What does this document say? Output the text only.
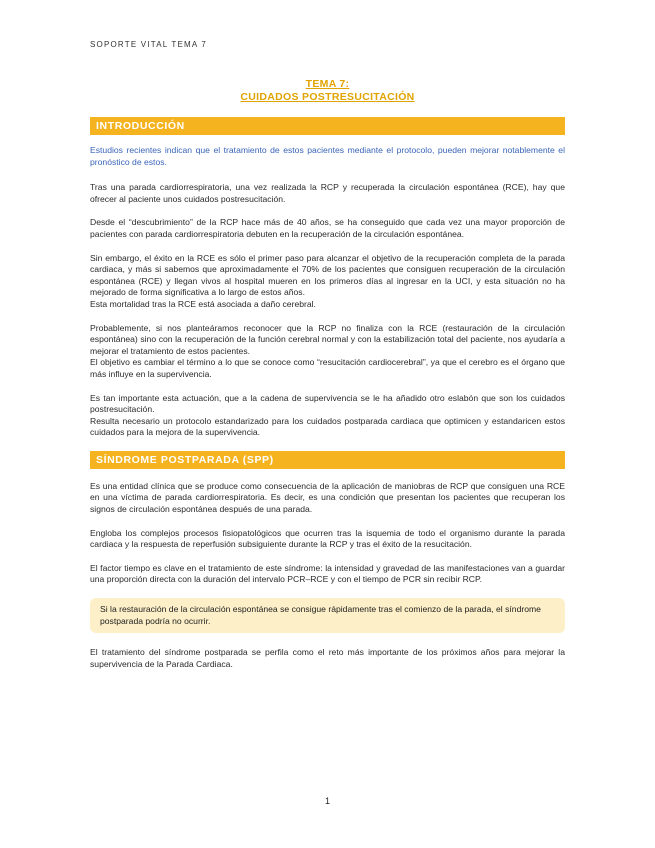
SOPORTE VITAL TEMA 7
TEMA 7:
CUIDADOS POSTRESUCITACIÓN
INTRODUCCIÓN

Estudios recientes indican que el tratamiento de estos pacientes mediante el protocolo, pueden mejorar notablemente el pronóstico de estos.

Tras una parada cardiorrespiratoria, una vez realizada la RCP y recuperada la circulación espontánea (RCE), hay que ofrecer al paciente unos cuidados postresucitación.

Desde el “descubrimiento” de la RCP hace más de 40 años, se ha conseguido que cada vez una mayor proporción de pacientes con parada cardiorrespiratoria debuten en la recuperación de la circulación espontánea.

Sin embargo, el éxito en la RCE es sólo el primer paso para alcanzar el objetivo de la recuperación completa de la parada cardiaca, y más si sabemos que aproximadamente el 70% de los pacientes que consiguen recuperación de la circulación espontánea (RCE) y llegan vivos al hospital mueren en los primeros días al ingresar en la UCI, y esta situación no ha mejorado de forma significativa a lo largo de estos años.

Esta mortalidad tras la RCE está asociada a daño cerebral.

Probablemente, si nos planteáramos reconocer que la RCP no finaliza con la RCE (restauración de la circulación espontánea) sino con la recuperación de la función cerebral normal y con la estabilización total del paciente, nos ayudaría a mejorar el tratamiento de estos pacientes.

El objetivo es cambiar el término a lo que se conoce como “resucitación cardiocerebral”, ya que el cerebro es el órgano que más influye en la supervivencia.

Es tan importante esta actuación, que a la cadena de supervivencia se le ha añadido otro eslabón que son los cuidados postresucitación.

Resulta necesario un protocolo estandarizado para los cuidados postparada cardiaca que optimicen y estandaricen estos cuidados para la mejora de la supervivencia.

SÍNDROME POSTPARADA (SPP)

Es una entidad clínica que se produce como consecuencia de la aplicación de maniobras de RCP que consiguen una RCE en una víctima de parada cardiorrespiratoria. Es decir, es una condición que presentan los pacientes que recuperan los signos de circulación espontánea después de una parada.

Engloba los complejos procesos fisiopatológicos que ocurren tras la isquemia de todo el organismo durante la parada cardiaca y la respuesta de reperfusión subsiguiente durante la RCP y tras el éxito de la resucitación.

El factor tiempo es clave en el tratamiento de este síndrome: la intensidad y gravedad de las manifestaciones van a guardar una proporción directa con la duración del intervalo PCR–RCE y con el tiempo de PCR sin recibir RCP.

Si la restauración de la circulación espontánea se consigue rápidamente tras el comienzo de la parada, el síndrome postparada podría no ocurrir.

El tratamiento del síndrome postparada se perfila como el reto más importante de los próximos años para mejorar la supervivencia de la Parada Cardiaca.

1
